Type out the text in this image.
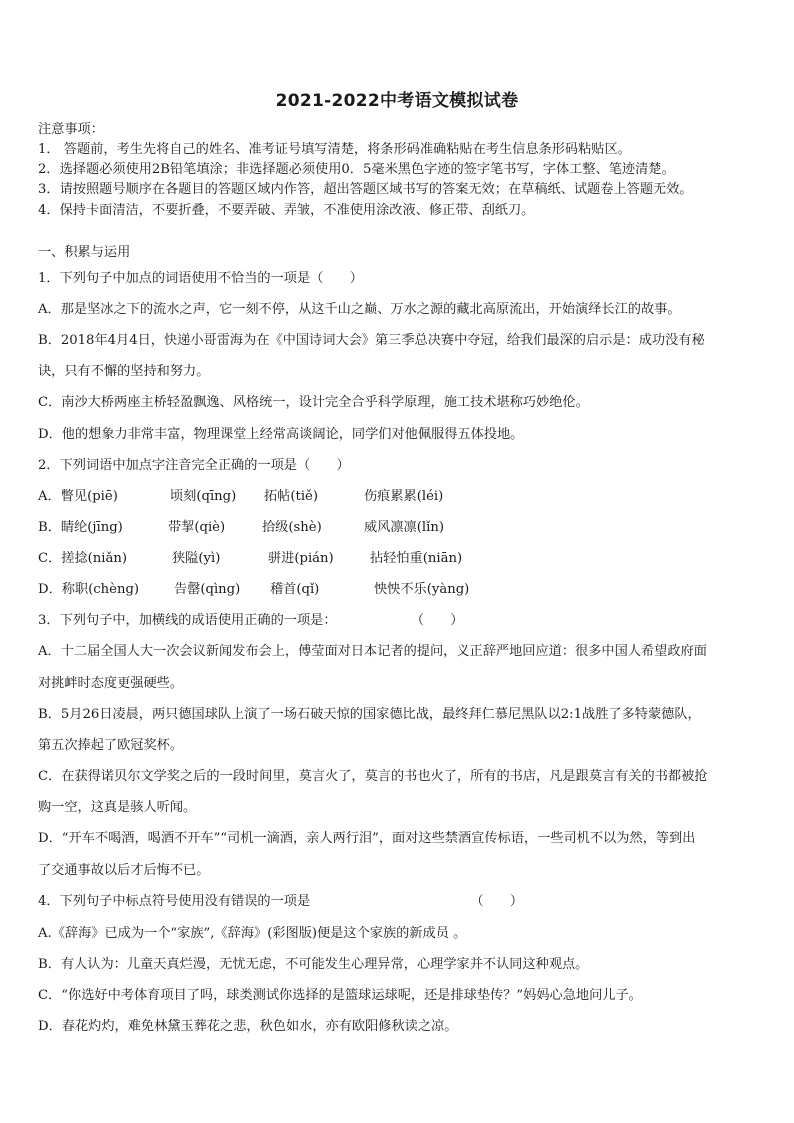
2021-2022中考语文模拟试卷
注意事项：
1． 答题前，考生先将自己的姓名、准考证号填写清楚，将条形码准确粘贴在考生信息条形码粘贴区。
2．选择题必须使用2B铅笔填涂；非选择题必须使用0．5毫米黑色字迹的签字笔书写，字体工整、笔迹清楚。
3．请按照题号顺序在各题目的答题区域内作答，超出答题区域书写的答案无效；在草稿纸、试题卷上答题无效。
4．保持卡面清洁，不要折叠，不要弄破、弄皱，不准使用涂改液、修正带、刮纸刀。
一、积累与运用
1．下列句子中加点的词语使用不恰当的一项是（　　）
A．那是坚冰之下的流水之声，它一刻不停，从这千山之巅、万水之源的藏北高原流出，开始演绎长江的故事。
B．2018年4月4日，快递小哥雷海为在《中国诗词大会》第三季总决赛中夺冠，给我们最深的启示是：成功没有秘
诀，只有不懈的坚持和努力。
C．南沙大桥两座主桥轻盈飘逸、风格统一，设计完全合乎科学原理，施工技术堪称巧妙绝伦。
D．他的想象力非常丰富，物理课堂上经常高谈阔论，同学们对他佩服得五体投地。
2．下列词语中加点字注音完全正确的一项是（　　）
A．瞥见(piē)	顷刻(qīng) 拓帖(tiě)	伤痕累累(léi)
B．睛纶(jīng)	带挈(qiè)	拾级(shè)	威风凛凛(lǐn)
C．搓捻(niǎn)	狭隘(yì)	骈进(pián)	拈轻怕重(niān)
D．称职(chèng)	告罄(qìng) 稽首(qǐ)	怏怏不乐(yàng)
3．下列句子中，加横线的成语使用正确的一项是：	（　　）
A．十二届全国人大一次会议新闻发布会上，傅莹面对日本记者的提问，义正辞严地回应道：很多中国人希望政府面
对挑衅时态度更强硬些。
B．5月26日凌晨，两只德国球队上演了一场石破天惊的国家德比战，最终拜仁慕尼黑队以2:1战胜了多特蒙德队，
第五次捧起了欧冠奖杯。
C．在获得诺贝尔文学奖之后的一段时间里，莫言火了，莫言的书也火了，所有的书店，凡是跟莫言有关的书都被抢
购一空，这真是骇人听闻。
D．“开车不喝酒，喝酒不开车”“司机一滴酒，亲人两行泪”，面对这些禁酒宣传标语，一些司机不以为然，等到出
了交通事故以后才后悔不已。
4．下列句子中标点符号使用没有错误的一项是	（　　）
A.《辞海》已成为一个“家族”,《辞海》(彩图版)便是这个家族的新成员 。
B．有人认为：儿童天真烂漫，无忧无虑，不可能发生心理异常，心理学家并不认同这种观点。
C．“你选好中考体育项目了吗，球类测试你选择的是篮球运球呢，还是排球垫传？”妈妈心急地问儿子。
D．春花灼灼，难免林黛玉葬花之悲，秋色如水，亦有欧阳修秋读之凉。
